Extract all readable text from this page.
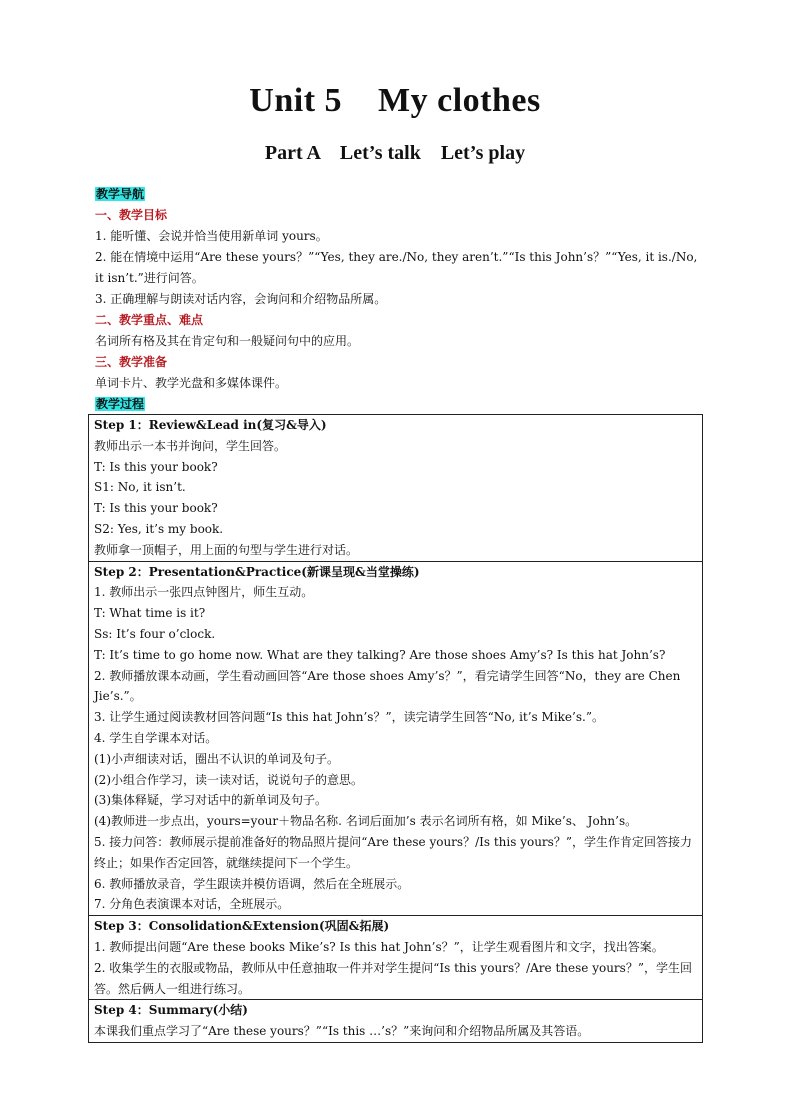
Unit 5    My clothes
Part A    Let’s talk    Let’s play
教学导航
一、教学目标
1. 能听懂、会说并恰当使用新单词 yours。
2. 能在情境中运用“Are these yours？”“Yes, they are./No, they aren’t.”“Is this John’s？”“Yes, it is./No, it isn’t.”进行问答。
3. 正确理解与朗读对话内容，会询问和介绍物品所属。
二、教学重点、难点
名词所有格及其在肯定句和一般疑问句中的应用。
三、教学准备
单词卡片、教学光盘和多媒体课件。
教学过程
Step 1：Review&Lead in(复习&导入)
教师出示一本书并询问，学生回答。
T: Is this your book?
S1: No, it isn’t.
T: Is this your book?
S2: Yes, it’s my book.
教师拿一顶帽子，用上面的句型与学生进行对话。

Step 2：Presentation&Practice(新课呈现&当堂操练)
1. 教师出示一张四点钟图片，师生互动。
T: What time is it?
Ss: It’s four o’clock.
T: It’s time to go home now. What are they talking? Are those shoes Amy’s? Is this hat John’s?
2. 教师播放课本动画，学生看动画回答“Are those shoes Amy’s？”，看完请学生回答“No，they are Chen Jie’s.”。
3. 让学生通过阅读教材回答问题“Is this hat John’s？”，读完请学生回答“No, it’s Mike’s.”。
4. 学生自学课本对话。
(1)小声细读对话，圈出不认识的单词及句子。
(2)小组合作学习，读一读对话，说说句子的意思。
(3)集体释疑，学习对话中的新单词及句子。
(4)教师进一步点出，yours=your＋物品名称. 名词后面加’s 表示名词所有格，如 Mike’s、 John’s。
5. 接力问答：教师展示提前准备好的物品照片提问“Are these yours？/Is this yours？”，学生作肯定回答接力终止；如果作否定回答，就继续提问下一个学生。
6. 教师播放录音，学生跟读并模仿语调，然后在全班展示。
7. 分角色表演课本对话，全班展示。

Step 3：Consolidation&Extension(巩固&拓展)
1. 教师提出问题“Are these books Mike’s? Is this hat John’s？”，让学生观看图片和文字，找出答案。
2. 收集学生的衣服或物品，教师从中任意抽取一件并对学生提问“Is this yours？/Are these yours？”，学生回答。然后俩人一组进行练习。

Step 4：Summary(小结)
本课我们重点学习了“Are these yours？”“Is this …’s？”来询问和介绍物品所属及其答语。
